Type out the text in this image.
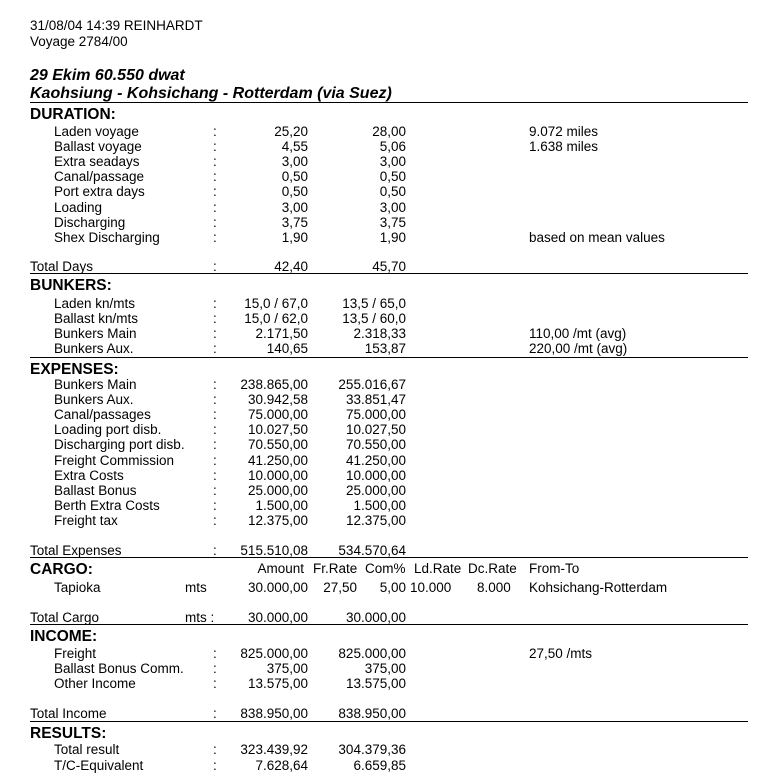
31/08/04 14:39 REINHARDT
Voyage 2784/00
29 Ekim 60.550 dwat
Kaohsiung - Kohsichang - Rotterdam (via Suez)
DURATION:
Laden voyage	:	25,20	28,00	9.072 miles
Ballast voyage	:	4,55	5,06	1.638 miles
Extra seadays	:	3,00	3,00
Canal/passage	:	0,50	0,50
Port extra days	:	0,50	0,50
Loading	:	3,00	3,00
Discharging	:	3,75	3,75
Shex Discharging	:	1,90	1,90	based on mean values
Total Days	:	42,40	45,70
BUNKERS:
Laden kn/mts	:	15,0 / 67,0	13,5 / 65,0
Ballast kn/mts	:	15,0 / 62,0	13,5 / 60,0
Bunkers Main	:	2.171,50	2.318,33	110,00 /mt (avg)
Bunkers Aux.	:	140,65	153,87	220,00 /mt (avg)
EXPENSES:
Bunkers Main	:	238.865,00	255.016,67
Bunkers Aux.	:	30.942,58	33.851,47
Canal/passages	:	75.000,00	75.000,00
Loading port disb.	:	10.027,50	10.027,50
Discharging port disb. :	70.550,00	70.550,00
Freight Commission	:	41.250,00	41.250,00
Extra Costs	:	10.000,00	10.000,00
Ballast Bonus	:	25.000,00	25.000,00
Berth Extra Costs	:	1.500,00	1.500,00
Freight tax	:	12.375,00	12.375,00
Total Expenses	:	515.510,08	534.570,64
CARGO:	Amount Fr.Rate Com% Ld.Rate Dc.Rate From-To
Tapioka	mts	30.000,00	27,50	5,00 10.000 8.000 Kohsichang-Rotterdam
Total Cargo	mts :	30.000,00	30.000,00
INCOME:
Freight	:	825.000,00	825.000,00	27,50 /mts
Ballast Bonus Comm. :	375,00	375,00
Other Income	:	13.575,00	13.575,00
Total Income	:	838.950,00	838.950,00
RESULTS:
Total result	:	323.439,92	304.379,36
T/C-Equivalent	:	7.628,64	6.659,85
